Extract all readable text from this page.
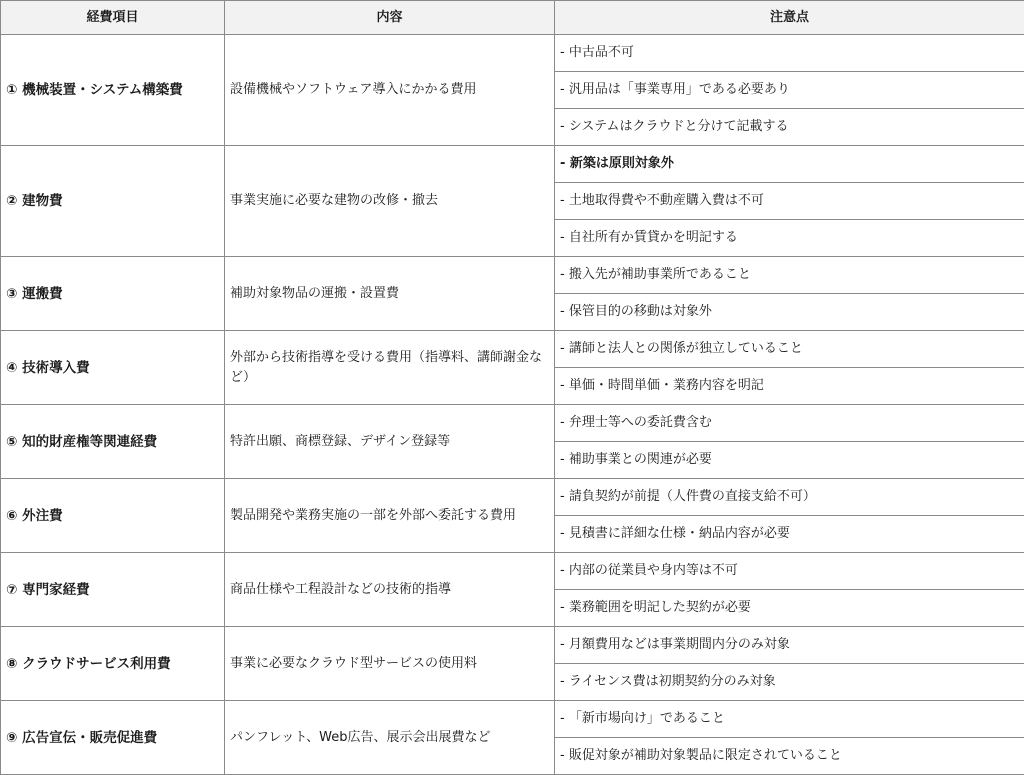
経費項目	内容	注意点
① 機械装置・システム構築費	設備機械やソフトウェア導入にかかる費用	- 中古品不可
		- 汎用品は「事業専用」である必要あり
		- システムはクラウドと分けて記載する
② 建物費	事業実施に必要な建物の改修・撤去	- 新築は原則対象外
		- 土地取得費や不動産購入費は不可
		- 自社所有か賃貸かを明記する
③ 運搬費	補助対象物品の運搬・設置費	- 搬入先が補助事業所であること
		- 保管目的の移動は対象外
④ 技術導入費	外部から技術指導を受ける費用（指導料、講師謝金など）	- 講師と法人との関係が独立していること
		- 単価・時間単価・業務内容を明記
⑤ 知的財産権等関連経費	特許出願、商標登録、デザイン登録等	- 弁理士等への委託費含む
		- 補助事業との関連が必要
⑥ 外注費	製品開発や業務実施の一部を外部へ委託する費用	- 請負契約が前提（人件費の直接支給不可）
		- 見積書に詳細な仕様・納品内容が必要
⑦ 専門家経費	商品仕様や工程設計などの技術的指導	- 内部の従業員や身内等は不可
		- 業務範囲を明記した契約が必要
⑧ クラウドサービス利用費	事業に必要なクラウド型サービスの使用料	- 月額費用などは事業期間内分のみ対象
		- ライセンス費は初期契約分のみ対象
⑨ 広告宣伝・販売促進費	パンフレット、Web広告、展示会出展費など	- 「新市場向け」であること
		- 販促対象が補助対象製品に限定されていること
